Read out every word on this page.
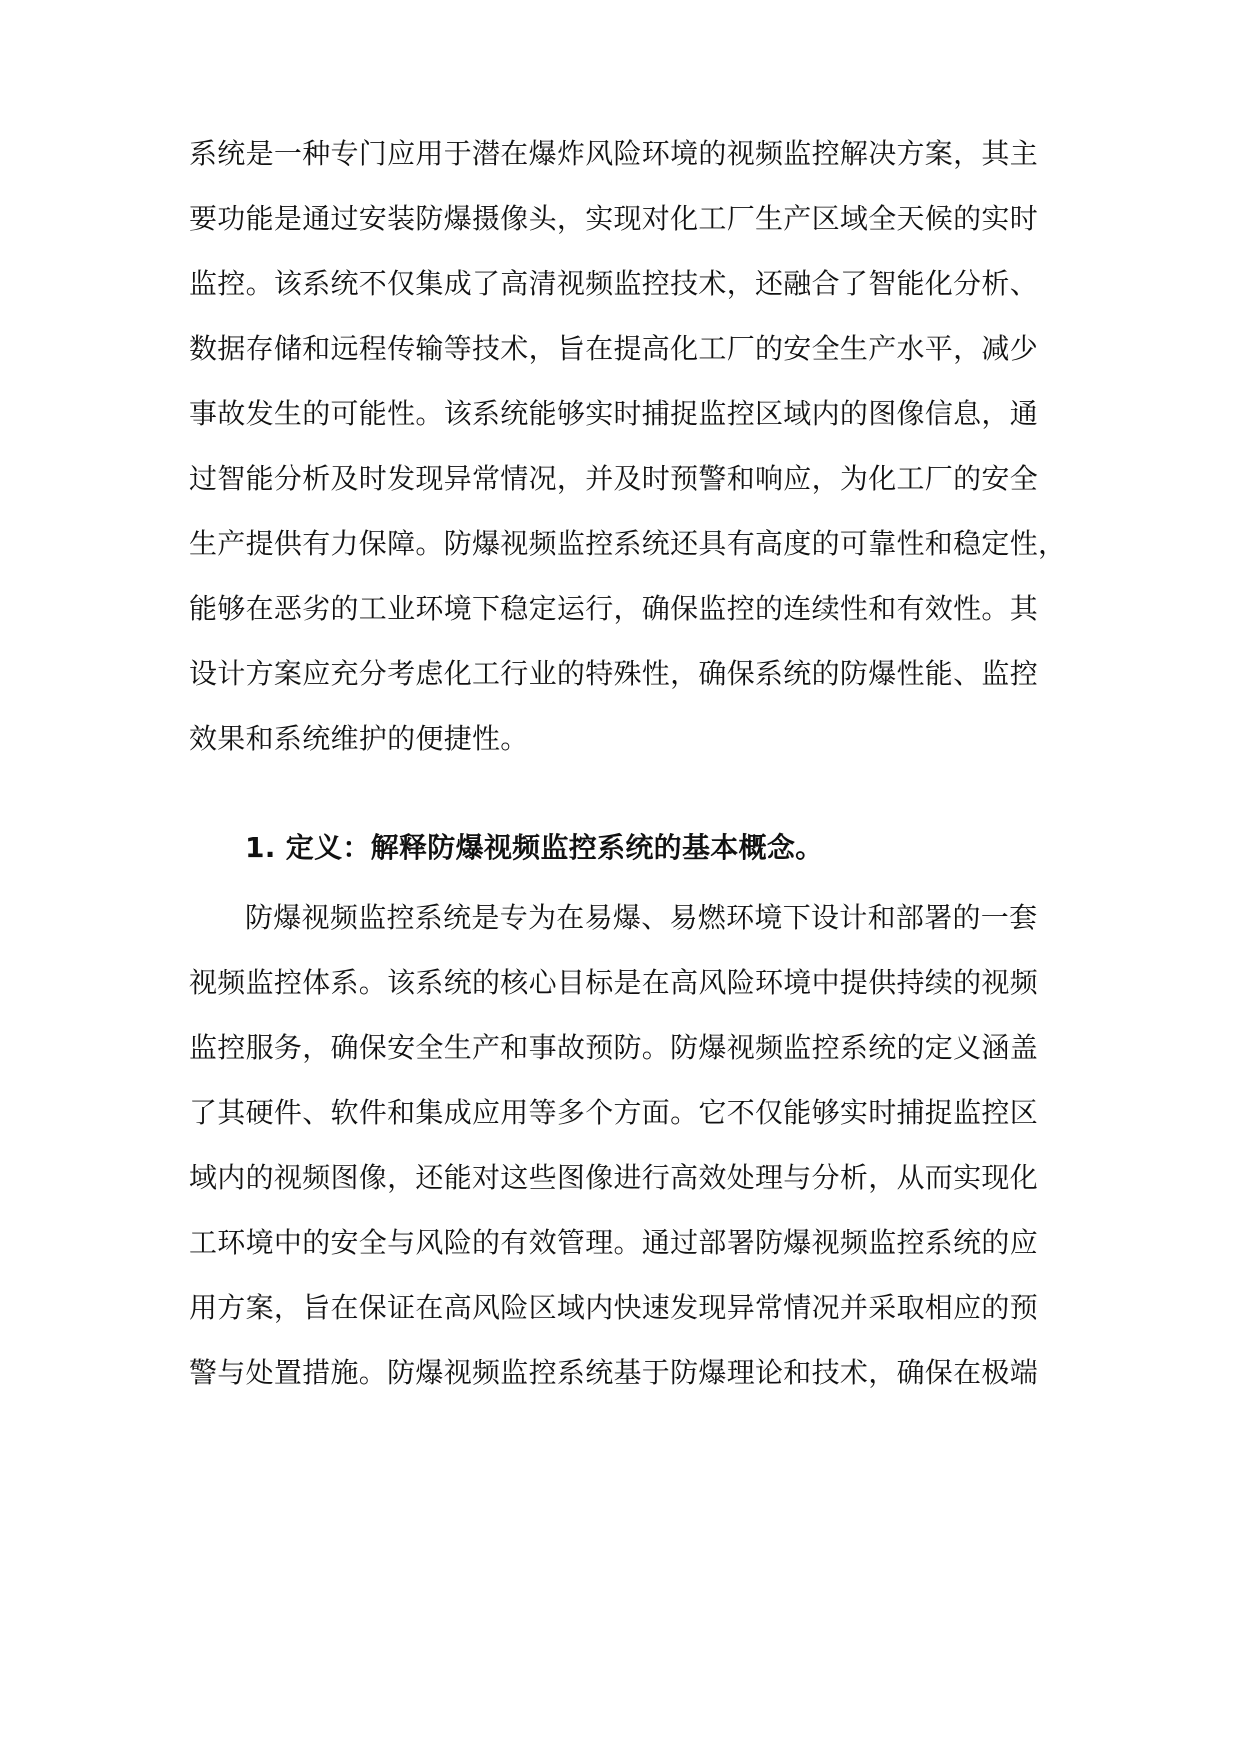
系统是一种专门应用于潜在爆炸风险环境的视频监控解决方案，其主

要功能是通过安装防爆摄像头，实现对化工厂生产区域全天候的实时

监控。该系统不仅集成了高清视频监控技术，还融合了智能化分析、

数据存储和远程传输等技术，旨在提高化工厂的安全生产水平，减少

事故发生的可能性。该系统能够实时捕捉监控区域内的图像信息，通

过智能分析及时发现异常情况，并及时预警和响应，为化工厂的安全

生产提供有力保障。防爆视频监控系统还具有高度的可靠性和稳定性，

能够在恶劣的工业环境下稳定运行，确保监控的连续性和有效性。其

设计方案应充分考虑化工行业的特殊性，确保系统的防爆性能、监控

效果和系统维护的便捷性。

1. 定义：解释防爆视频监控系统的基本概念。

防爆视频监控系统是专为在易爆、易燃环境下设计和部署的一套

视频监控体系。该系统的核心目标是在高风险环境中提供持续的视频

监控服务，确保安全生产和事故预防。防爆视频监控系统的定义涵盖

了其硬件、软件和集成应用等多个方面。它不仅能够实时捕捉监控区

域内的视频图像，还能对这些图像进行高效处理与分析，从而实现化

工环境中的安全与风险的有效管理。通过部署防爆视频监控系统的应

用方案，旨在保证在高风险区域内快速发现异常情况并采取相应的预

警与处置措施。防爆视频监控系统基于防爆理论和技术，确保在极端
